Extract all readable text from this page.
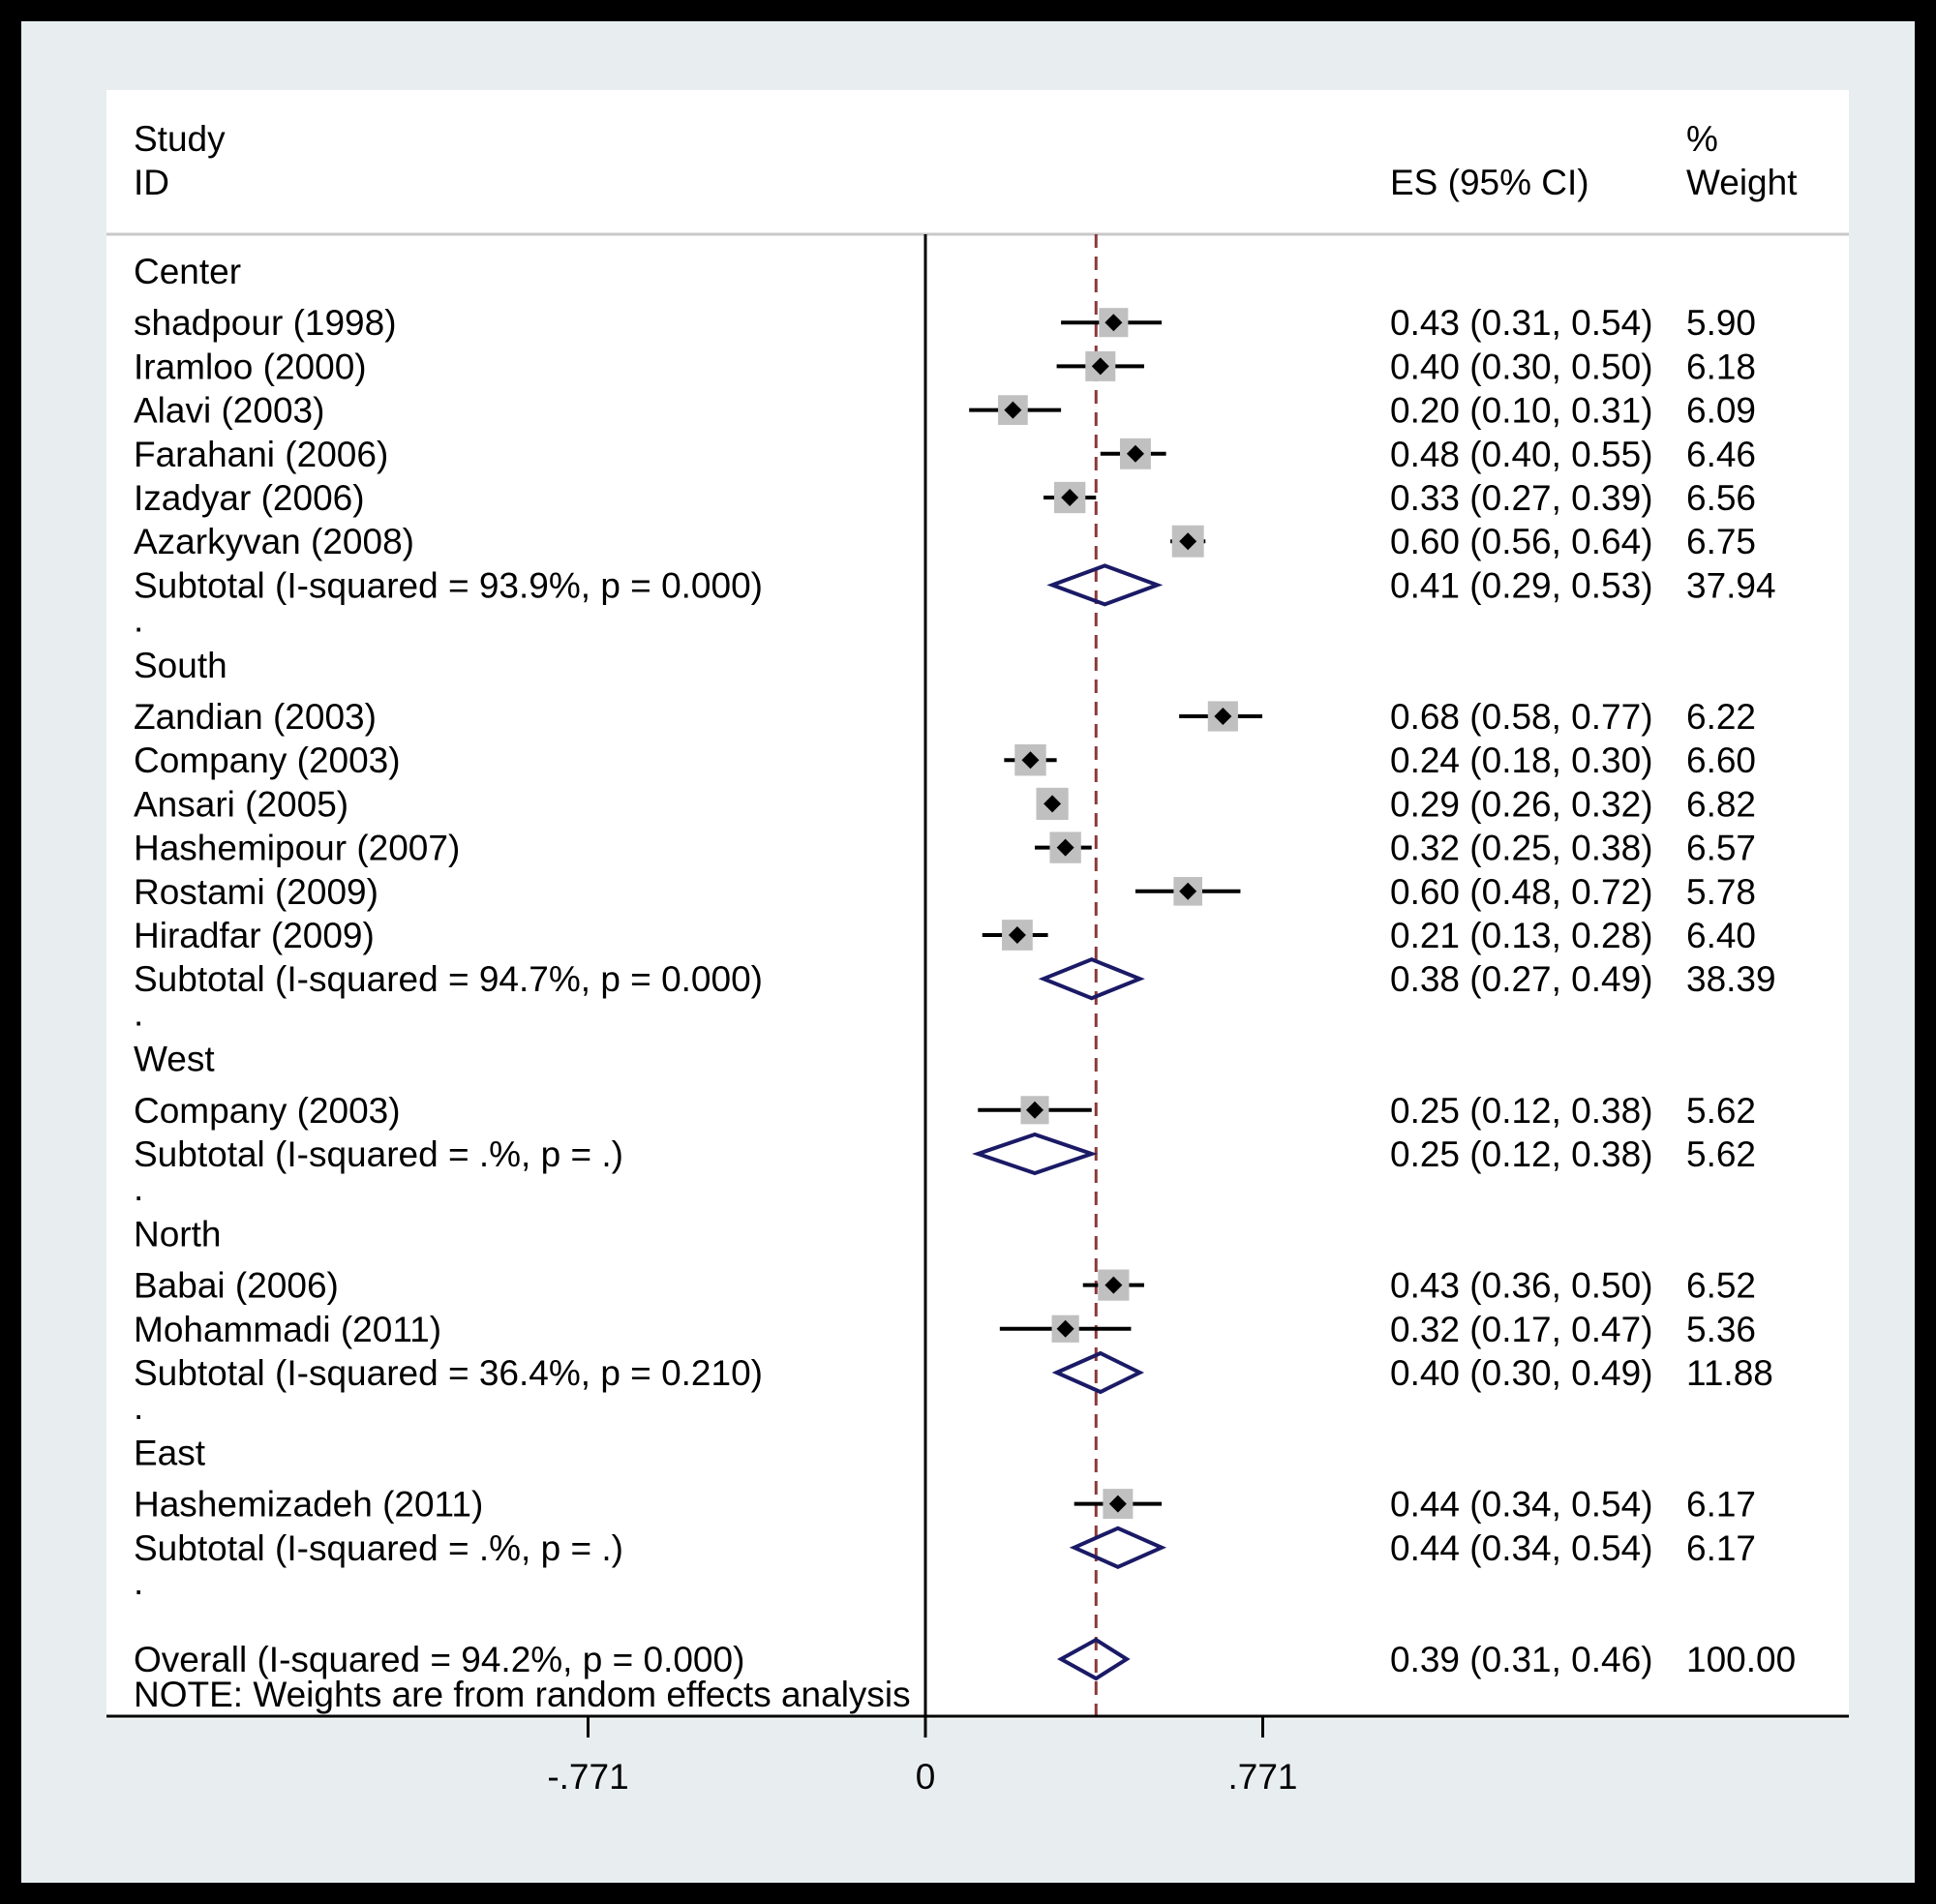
Study
ID	ES (95% CI)
%
Weight
Center
shadpour (1998)	0.43 (0.31, 0.54) 5.90
Iramloo (2000)	0.40 (0.30, 0.50) 6.18
Alavi (2003)	0.20 (0.10, 0.31) 6.09
Farahani (2006)	0.48 (0.40, 0.55) 6.46
Izadyar (2006)	0.33 (0.27, 0.39) 6.56
Azarkyvan (2008)	0.60 (0.56, 0.64) 6.75
Subtotal (I-squared = 93.9%, p = 0.000)	0.41 (0.29, 0.53) 37.94
.
South
Zandian (2003)	0.68 (0.58, 0.77) 6.22
Company (2003)	0.24 (0.18, 0.30) 6.60
Ansari (2005)	0.29 (0.26, 0.32) 6.82
Hashemipour (2007)	0.32 (0.25, 0.38) 6.57
Rostami (2009)	0.60 (0.48, 0.72) 5.78
Hiradfar (2009)	0.21 (0.13, 0.28) 6.40
Subtotal (I-squared = 94.7%, p = 0.000)	0.38 (0.27, 0.49) 38.39
.
West
Company (2003)	0.25 (0.12, 0.38) 5.62
Subtotal (I-squared = .%, p = .)	0.25 (0.12, 0.38) 5.62
.
North
Babai (2006)	0.43 (0.36, 0.50) 6.52
Mohammadi (2011)	0.32 (0.17, 0.47) 5.36
Subtotal (I-squared = 36.4%, p = 0.210)	0.40 (0.30, 0.49) 11.88
.
East
Hashemizadeh (2011)	0.44 (0.34, 0.54) 6.17
Subtotal (I-squared = .%, p = .)	0.44 (0.34, 0.54) 6.17
.
Overall (I-squared = 94.2%, p = 0.000)	0.39 (0.31, 0.46) 100.00
NOTE: Weights are from random effects analysis
-.771	0	.771
